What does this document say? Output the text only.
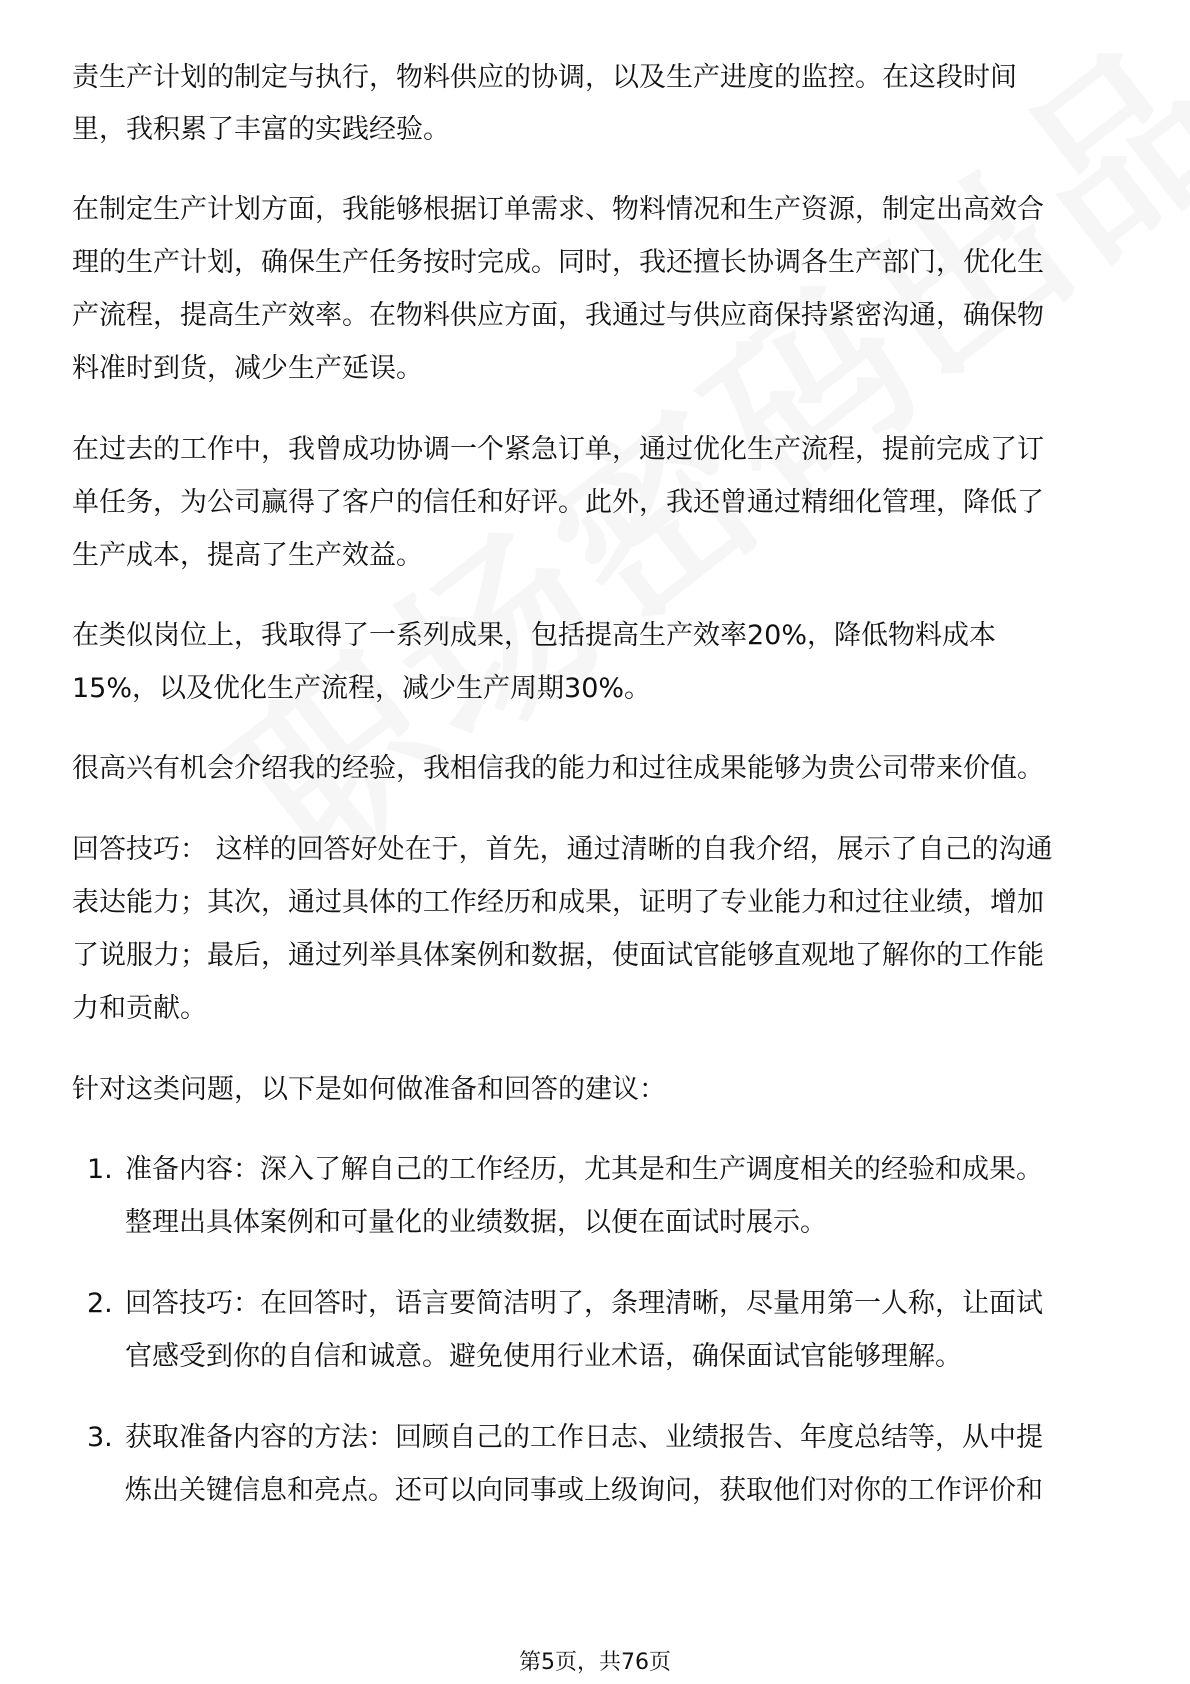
责生产计划的制定与执行，物料供应的协调，以及生产进度的监控。在这段时间
里，我积累了丰富的实践经验。
在制定生产计划方面，我能够根据订单需求、物料情况和生产资源，制定出高效合
理的生产计划，确保生产任务按时完成。同时，我还擅长协调各生产部门，优化生
产流程，提高生产效率。在物料供应方面，我通过与供应商保持紧密沟通，确保物
料准时到货，减少生产延误。
在过去的工作中，我曾成功协调一个紧急订单，通过优化生产流程，提前完成了订
单任务，为公司赢得了客户的信任和好评。此外，我还曾通过精细化管理，降低了
生产成本，提高了生产效益。
在类似岗位上，我取得了一系列成果，包括提高生产效率20%，降低物料成本
15%，以及优化生产流程，减少生产周期30%。
很高兴有机会介绍我的经验，我相信我的能力和过往成果能够为贵公司带来价值。
回答技巧： 这样的回答好处在于，首先，通过清晰的自我介绍，展示了自己的沟通
表达能力；其次，通过具体的工作经历和成果，证明了专业能力和过往业绩，增加
了说服力；最后，通过列举具体案例和数据，使面试官能够直观地了解你的工作能
力和贡献。
针对这类问题，以下是如何做准备和回答的建议：
1. 准备内容：深入了解自己的工作经历，尤其是和生产调度相关的经验和成果。
整理出具体案例和可量化的业绩数据，以便在面试时展示。
2. 回答技巧：在回答时，语言要简洁明了，条理清晰，尽量用第一人称，让面试
官感受到你的自信和诚意。避免使用行业术语，确保面试官能够理解。
3. 获取准备内容的方法：回顾自己的工作日志、业绩报告、年度总结等，从中提
炼出关键信息和亮点。还可以向同事或上级询问，获取他们对你的工作评价和
第5页，共76页
